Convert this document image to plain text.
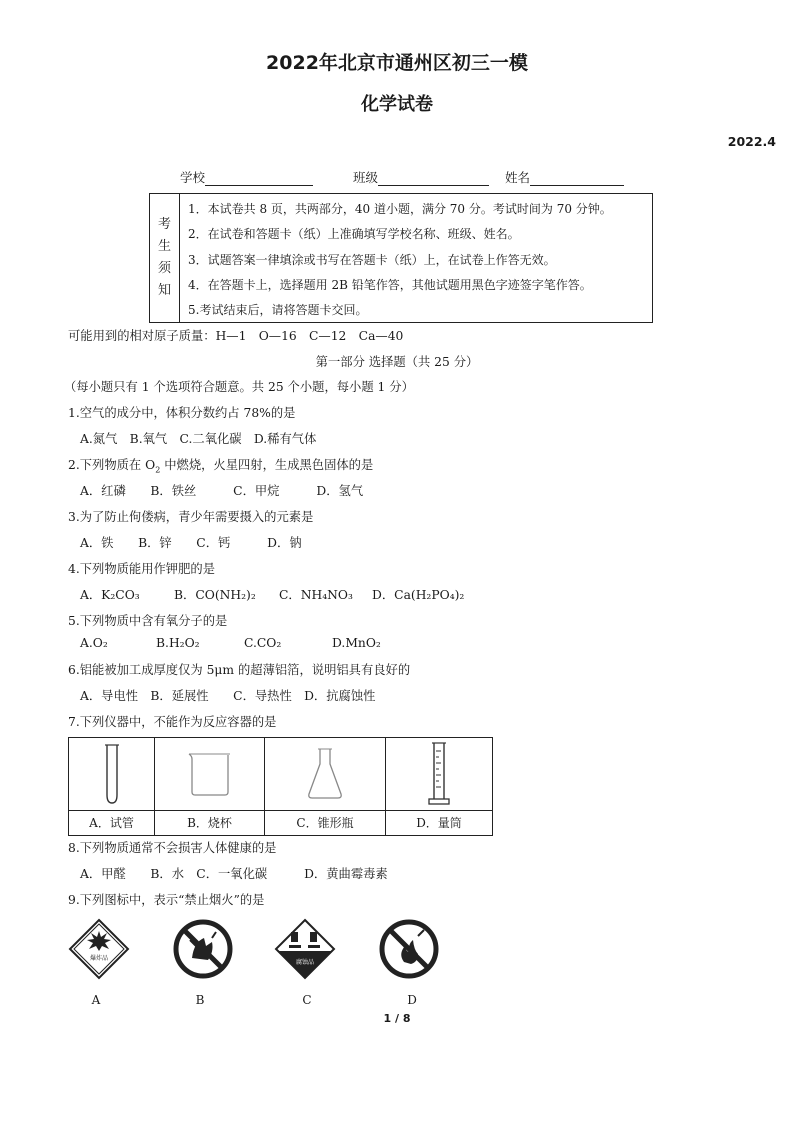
2022年北京市通州区初三一模
化学试卷
2022.4
学校	班级	姓名
考
生
须
知
1．本试卷共 8 页，共两部分，40 道小题，满分 70 分。考试时间为 70 分钟。
2．在试卷和答题卡（纸）上准确填写学校名称、班级、姓名。
3．试题答案一律填涂或书写在答题卡（纸）上，在试卷上作答无效。
4．在答题卡上，选择题用 2B 铅笔作答，其他试题用黑色字迹签字笔作答。
5.考试结束后，请将答题卡交回。
可能用到的相对原子质量：H—1　O—16　C—12　Ca—40
第一部分 选择题（共 25 分）
（每小题只有 1 个选项符合题意。共 25 个小题，每小题 1 分）
1.空气的成分中，体积分数约占 78%的是
A.氮气　B.氧气　C.二氧化碳　D.稀有气体
2.下列物质在 $O_2$ 中燃烧，火星四射，生成黑色固体的是
A．红磷　　B．铁丝　　　C．甲烷　　　D．氢气
3.为了防止佝偻病，青少年需要摄入的元素是
A．铁　　B．锌　　C．钙　　　D．钠
4.下列物质能用作钾肥的是
A．K₂CO₃	B．CO(NH₂)₂ C．NH₄NO₃ D．Ca(H₂PO₄)₂
5.下列物质中含有氧分子的是
A.O₂	B.H₂O₂	C.CO₂	D.MnO₂
6.铝能被加工成厚度仅为 5μm 的超薄铝箔，说明铝具有良好的
A．导电性　B．延展性　　C．导热性　D．抗腐蚀性
7.下列仪器中，不能作为反应容器的是
A．试管	B．烧杯	C．锥形瓶	D．量筒
8.下列物质通常不会损害人体健康的是
A．甲醛　　B．水　C．一氧化碳　　　D．黄曲霉毒素
9.下列图标中，表示“禁止烟火”的是
爆炸品
腐蚀品
A	B	C	D
1 / 8
